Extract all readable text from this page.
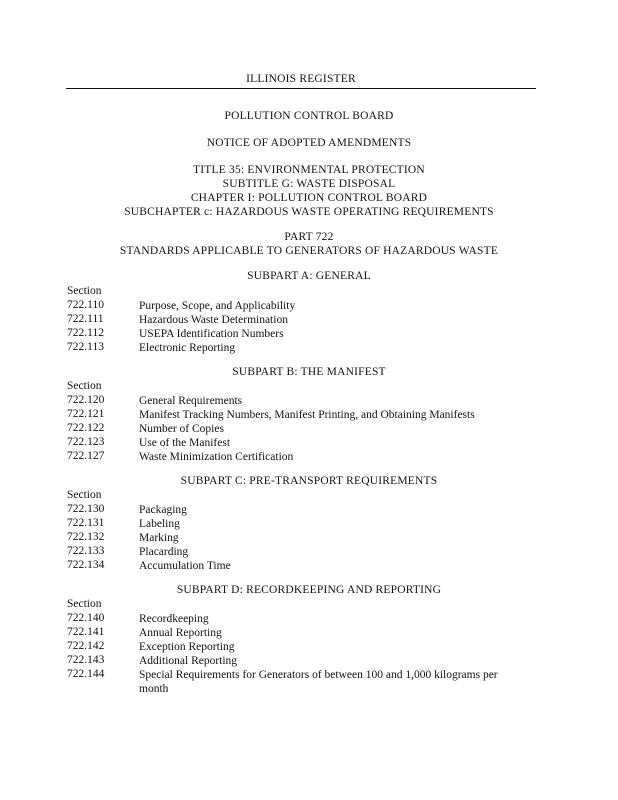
ILLINOIS REGISTER
POLLUTION CONTROL BOARD
NOTICE OF ADOPTED AMENDMENTS
TITLE 35: ENVIRONMENTAL PROTECTION
SUBTITLE G: WASTE DISPOSAL
CHAPTER I: POLLUTION CONTROL BOARD
SUBCHAPTER c: HAZARDOUS WASTE OPERATING REQUIREMENTS
PART 722
STANDARDS APPLICABLE TO GENERATORS OF HAZARDOUS WASTE
SUBPART A: GENERAL
Section
722.110	Purpose, Scope, and Applicability
722.111	Hazardous Waste Determination
722.112	USEPA Identification Numbers
722.113	Electronic Reporting
SUBPART B: THE MANIFEST
Section
722.120	General Requirements
722.121	Manifest Tracking Numbers, Manifest Printing, and Obtaining Manifests
722.122	Number of Copies
722.123	Use of the Manifest
722.127	Waste Minimization Certification
SUBPART C: PRE-TRANSPORT REQUIREMENTS
Section
722.130	Packaging
722.131	Labeling
722.132	Marking
722.133	Placarding
722.134	Accumulation Time
SUBPART D: RECORDKEEPING AND REPORTING
Section
722.140	Recordkeeping
722.141	Annual Reporting
722.142	Exception Reporting
722.143	Additional Reporting
722.144	Special Requirements for Generators of between 100 and 1,000 kilograms per month
